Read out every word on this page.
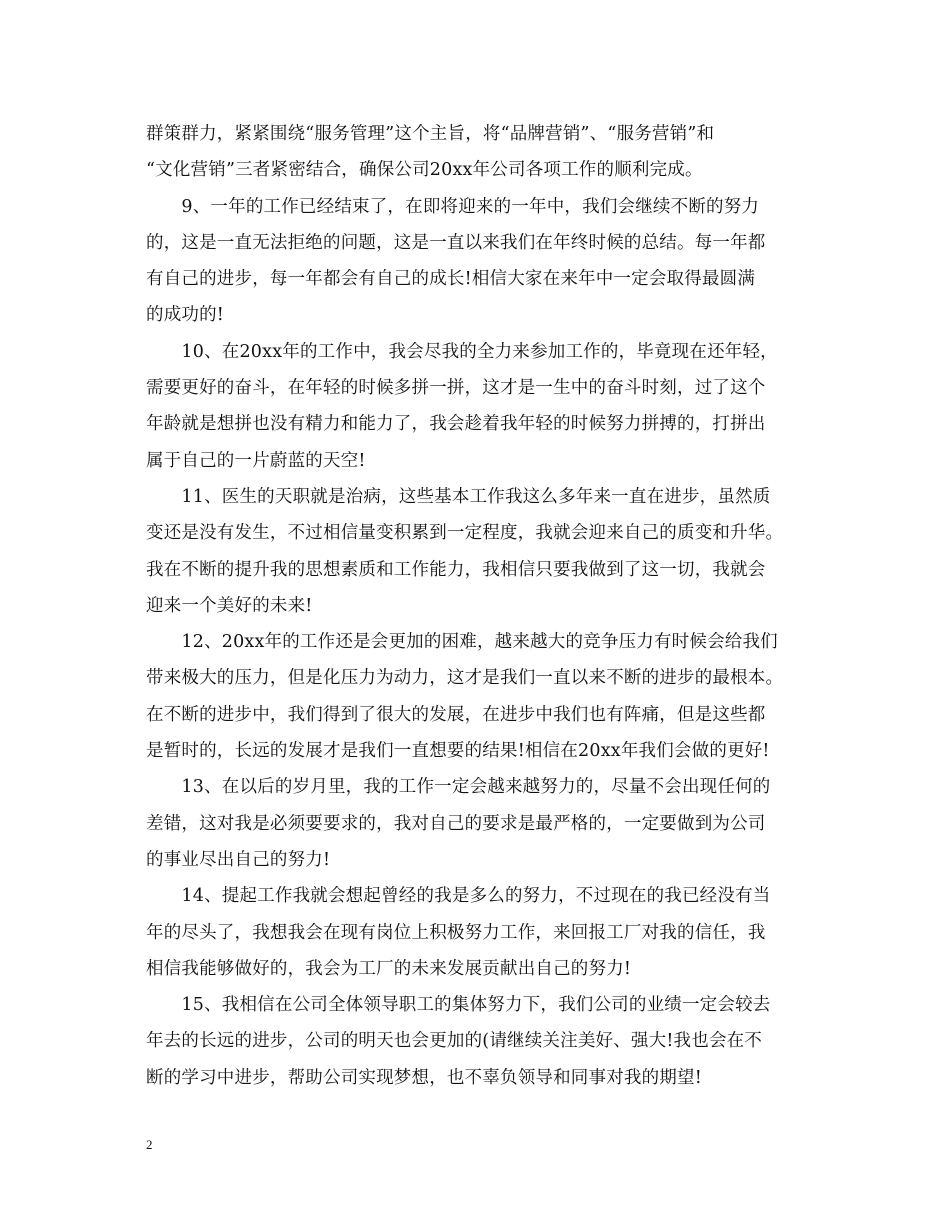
群策群力，紧紧围绕“服务管理”这个主旨，将“品牌营销”、“服务营销”和
“文化营销”三者紧密结合，确保公司20xx年公司各项工作的顺利完成。
　　9、一年的工作已经结束了，在即将迎来的一年中，我们会继续不断的努力
的，这是一直无法拒绝的问题，这是一直以来我们在年终时候的总结。每一年都
有自己的进步，每一年都会有自己的成长!相信大家在来年中一定会取得最圆满
的成功的!
　　10、在20xx年的工作中，我会尽我的全力来参加工作的，毕竟现在还年轻，
需要更好的奋斗，在年轻的时候多拼一拼，这才是一生中的奋斗时刻，过了这个
年龄就是想拼也没有精力和能力了，我会趁着我年轻的时候努力拼搏的，打拼出
属于自己的一片蔚蓝的天空!
　　11、医生的天职就是治病，这些基本工作我这么多年来一直在进步，虽然质
变还是没有发生，不过相信量变积累到一定程度，我就会迎来自己的质变和升华。
我在不断的提升我的思想素质和工作能力，我相信只要我做到了这一切，我就会
迎来一个美好的未来!
　　12、20xx年的工作还是会更加的困难，越来越大的竞争压力有时候会给我们
带来极大的压力，但是化压力为动力，这才是我们一直以来不断的进步的最根本。
在不断的进步中，我们得到了很大的发展，在进步中我们也有阵痛，但是这些都
是暂时的，长远的发展才是我们一直想要的结果!相信在20xx年我们会做的更好!
　　13、在以后的岁月里，我的工作一定会越来越努力的，尽量不会出现任何的
差错，这对我是必须要要求的，我对自己的要求是最严格的，一定要做到为公司
的事业尽出自己的努力!
　　14、提起工作我就会想起曾经的我是多么的努力，不过现在的我已经没有当
年的尽头了，我想我会在现有岗位上积极努力工作，来回报工厂对我的信任，我
相信我能够做好的，我会为工厂的未来发展贡献出自己的努力!
　　15、我相信在公司全体领导职工的集体努力下，我们公司的业绩一定会较去
年去的长远的进步，公司的明天也会更加的(请继续关注美好、强大!我也会在不
断的学习中进步，帮助公司实现梦想，也不辜负领导和同事对我的期望!
2
